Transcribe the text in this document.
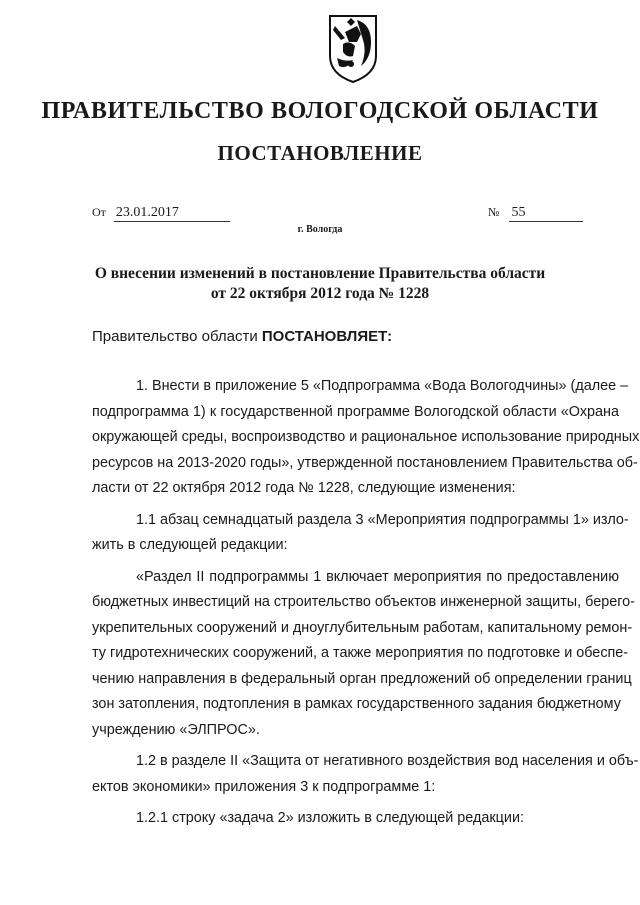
ПРАВИТЕЛЬСТВО ВОЛОГОДСКОЙ ОБЛАСТИ
ПОСТАНОВЛЕНИЕ
От 23.01.2017	№ 55
г. Вологда
О внесении изменений в постановление Правительства области
от 22 октября 2012 года № 1228
Правительство области ПОСТАНОВЛЯЕТ:

1. Внести в приложение 5 «Подпрограмма «Вода Вологодчины» (далее –
подпрограмма 1) к государственной программе Вологодской области «Охрана
окружающей среды, воспроизводство и рациональное использование природных
ресурсов на 2013-2020 годы», утвержденной постановлением Правительства об-
ласти от 22 октября 2012 года № 1228, следующие изменения:

1.1 абзац семнадцатый раздела 3 «Мероприятия подпрограммы 1» изло-
жить в следующей редакции:

«Раздел II подпрограммы 1 включает мероприятия по предоставлению
бюджетных инвестиций на строительство объектов инженерной защиты, берего-
укрепительных сооружений и дноуглубительным работам, капитальному ремон-
ту гидротехнических сооружений, а также мероприятия по подготовке и обеспе-
чению направления в федеральный орган предложений об определении границ
зон затопления, подтопления в рамках государственного задания бюджетному
учреждению «ЭЛПРОС».

1.2 в разделе II «Защита от негативного воздействия вод населения и объ-
ектов экономики» приложения 3 к подпрограмме 1:

1.2.1 строку «задача 2» изложить в следующей редакции:
